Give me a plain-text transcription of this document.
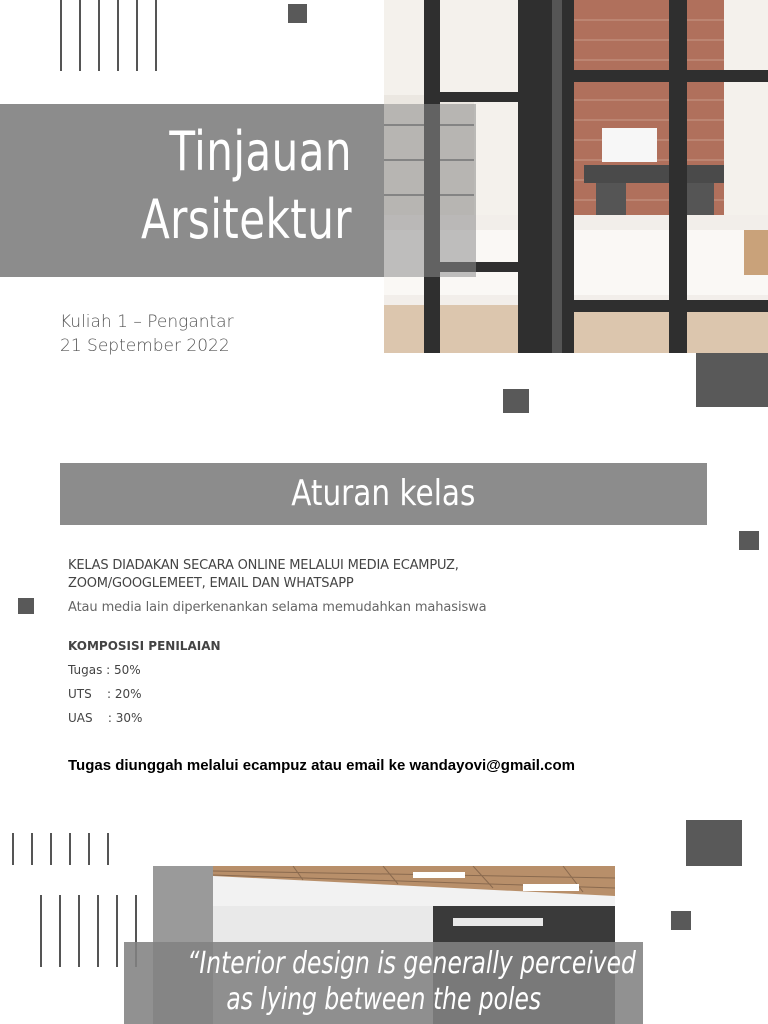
Tinjauan
Arsitektur
Kuliah 1 – Pengantar
21 September 2022
Aturan kelas
KELAS DIADAKAN SECARA ONLINE MELALUI MEDIA ECAMPUZ,
ZOOM/GOOGLEMEET, EMAIL DAN WHATSAPP
Atau media lain diperkenankan selama memudahkan mahasiswa
KOMPOSISI PENILAIAN
Tugas : 50%
UTS    : 20%
UAS    : 30%
Tugas diunggah melalui ecampuz atau email ke wandayovi@gmail.com
“Interior design is generally perceived
as lying between the poles
